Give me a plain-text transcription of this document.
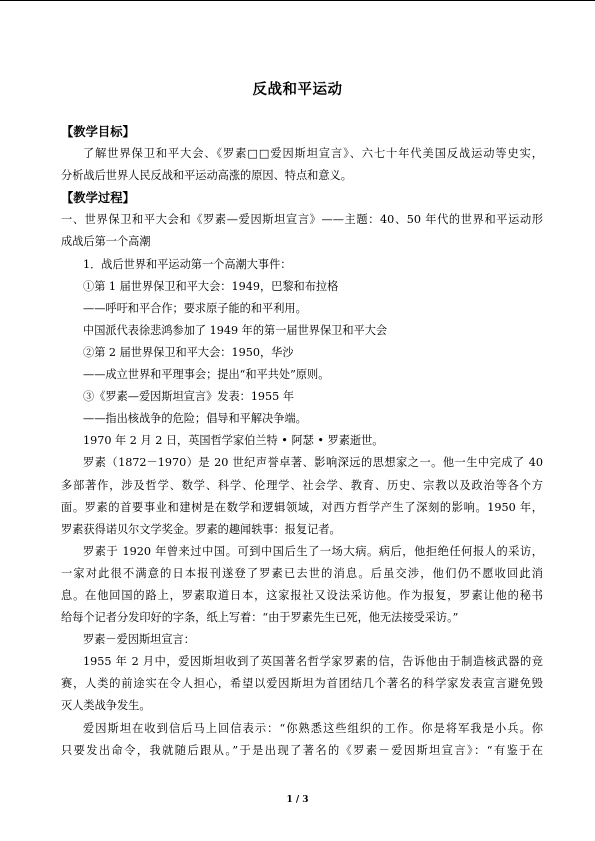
反战和平运动
【教学目标】
了解世界保卫和平大会、《罗素□□爱因斯坦宣言》、六七十年代美国反战运动等史实，
分析战后世界人民反战和平运动高涨的原因、特点和意义。
【教学过程】
一、世界保卫和平大会和《罗素—爱因斯坦宣言》——主题：40、50 年代的世界和平运动形
成战后第一个高潮
1．战后世界和平运动第一个高潮大事件：
①第 1 届世界保卫和平大会：1949，巴黎和布拉格
——呼吁和平合作；要求原子能的和平利用。
中国派代表徐悲鸿参加了 1949 年的第一届世界保卫和平大会
②第 2 届世界保卫和平大会：1950，华沙
——成立世界和平理事会；提出“和平共处”原则。
③《罗素—爱因斯坦宣言》发表：1955 年
——指出核战争的危险；倡导和平解决争端。
1970 年 2 月 2 日，英国哲学家伯兰特 • 阿瑟 • 罗素逝世。
罗素（1872－1970）是 20 世纪声誉卓著、影响深远的思想家之一。他一生中完成了 40
多部著作，涉及哲学、数学、科学、伦理学、社会学、教育、历史、宗教以及政治等各个方
面。罗素的首要事业和建树是在数学和逻辑领域，对西方哲学产生了深刻的影响。1950 年，
罗素获得诺贝尔文学奖金。罗素的趣闻轶事：报复记者。
罗素于 1920 年曾来过中国。可到中国后生了一场大病。病后，他拒绝任何报人的采访，
一家对此很不满意的日本报刊遂登了罗素已去世的消息。后虽交涉，他们仍不愿收回此消
息。在他回国的路上，罗素取道日本，这家报社又设法采访他。作为报复，罗素让他的秘书
给每个记者分发印好的字条，纸上写着：“由于罗素先生已死，他无法接受采访。”
罗素－爱因斯坦宣言：
1955 年 2 月中，爱因斯坦收到了英国著名哲学家罗素的信，告诉他由于制造核武器的竞
赛，人类的前途实在令人担心，希望以爱因斯坦为首团结几个著名的科学家发表宣言避免毁
灭人类战争发生。
爱因斯坦在收到信后马上回信表示：“你熟悉这些组织的工作。你是将军我是小兵。你
只要发出命令，我就随后跟从。”于是出现了著名的《罗素－爱因斯坦宣言》：“有鉴于在
1 / 3
